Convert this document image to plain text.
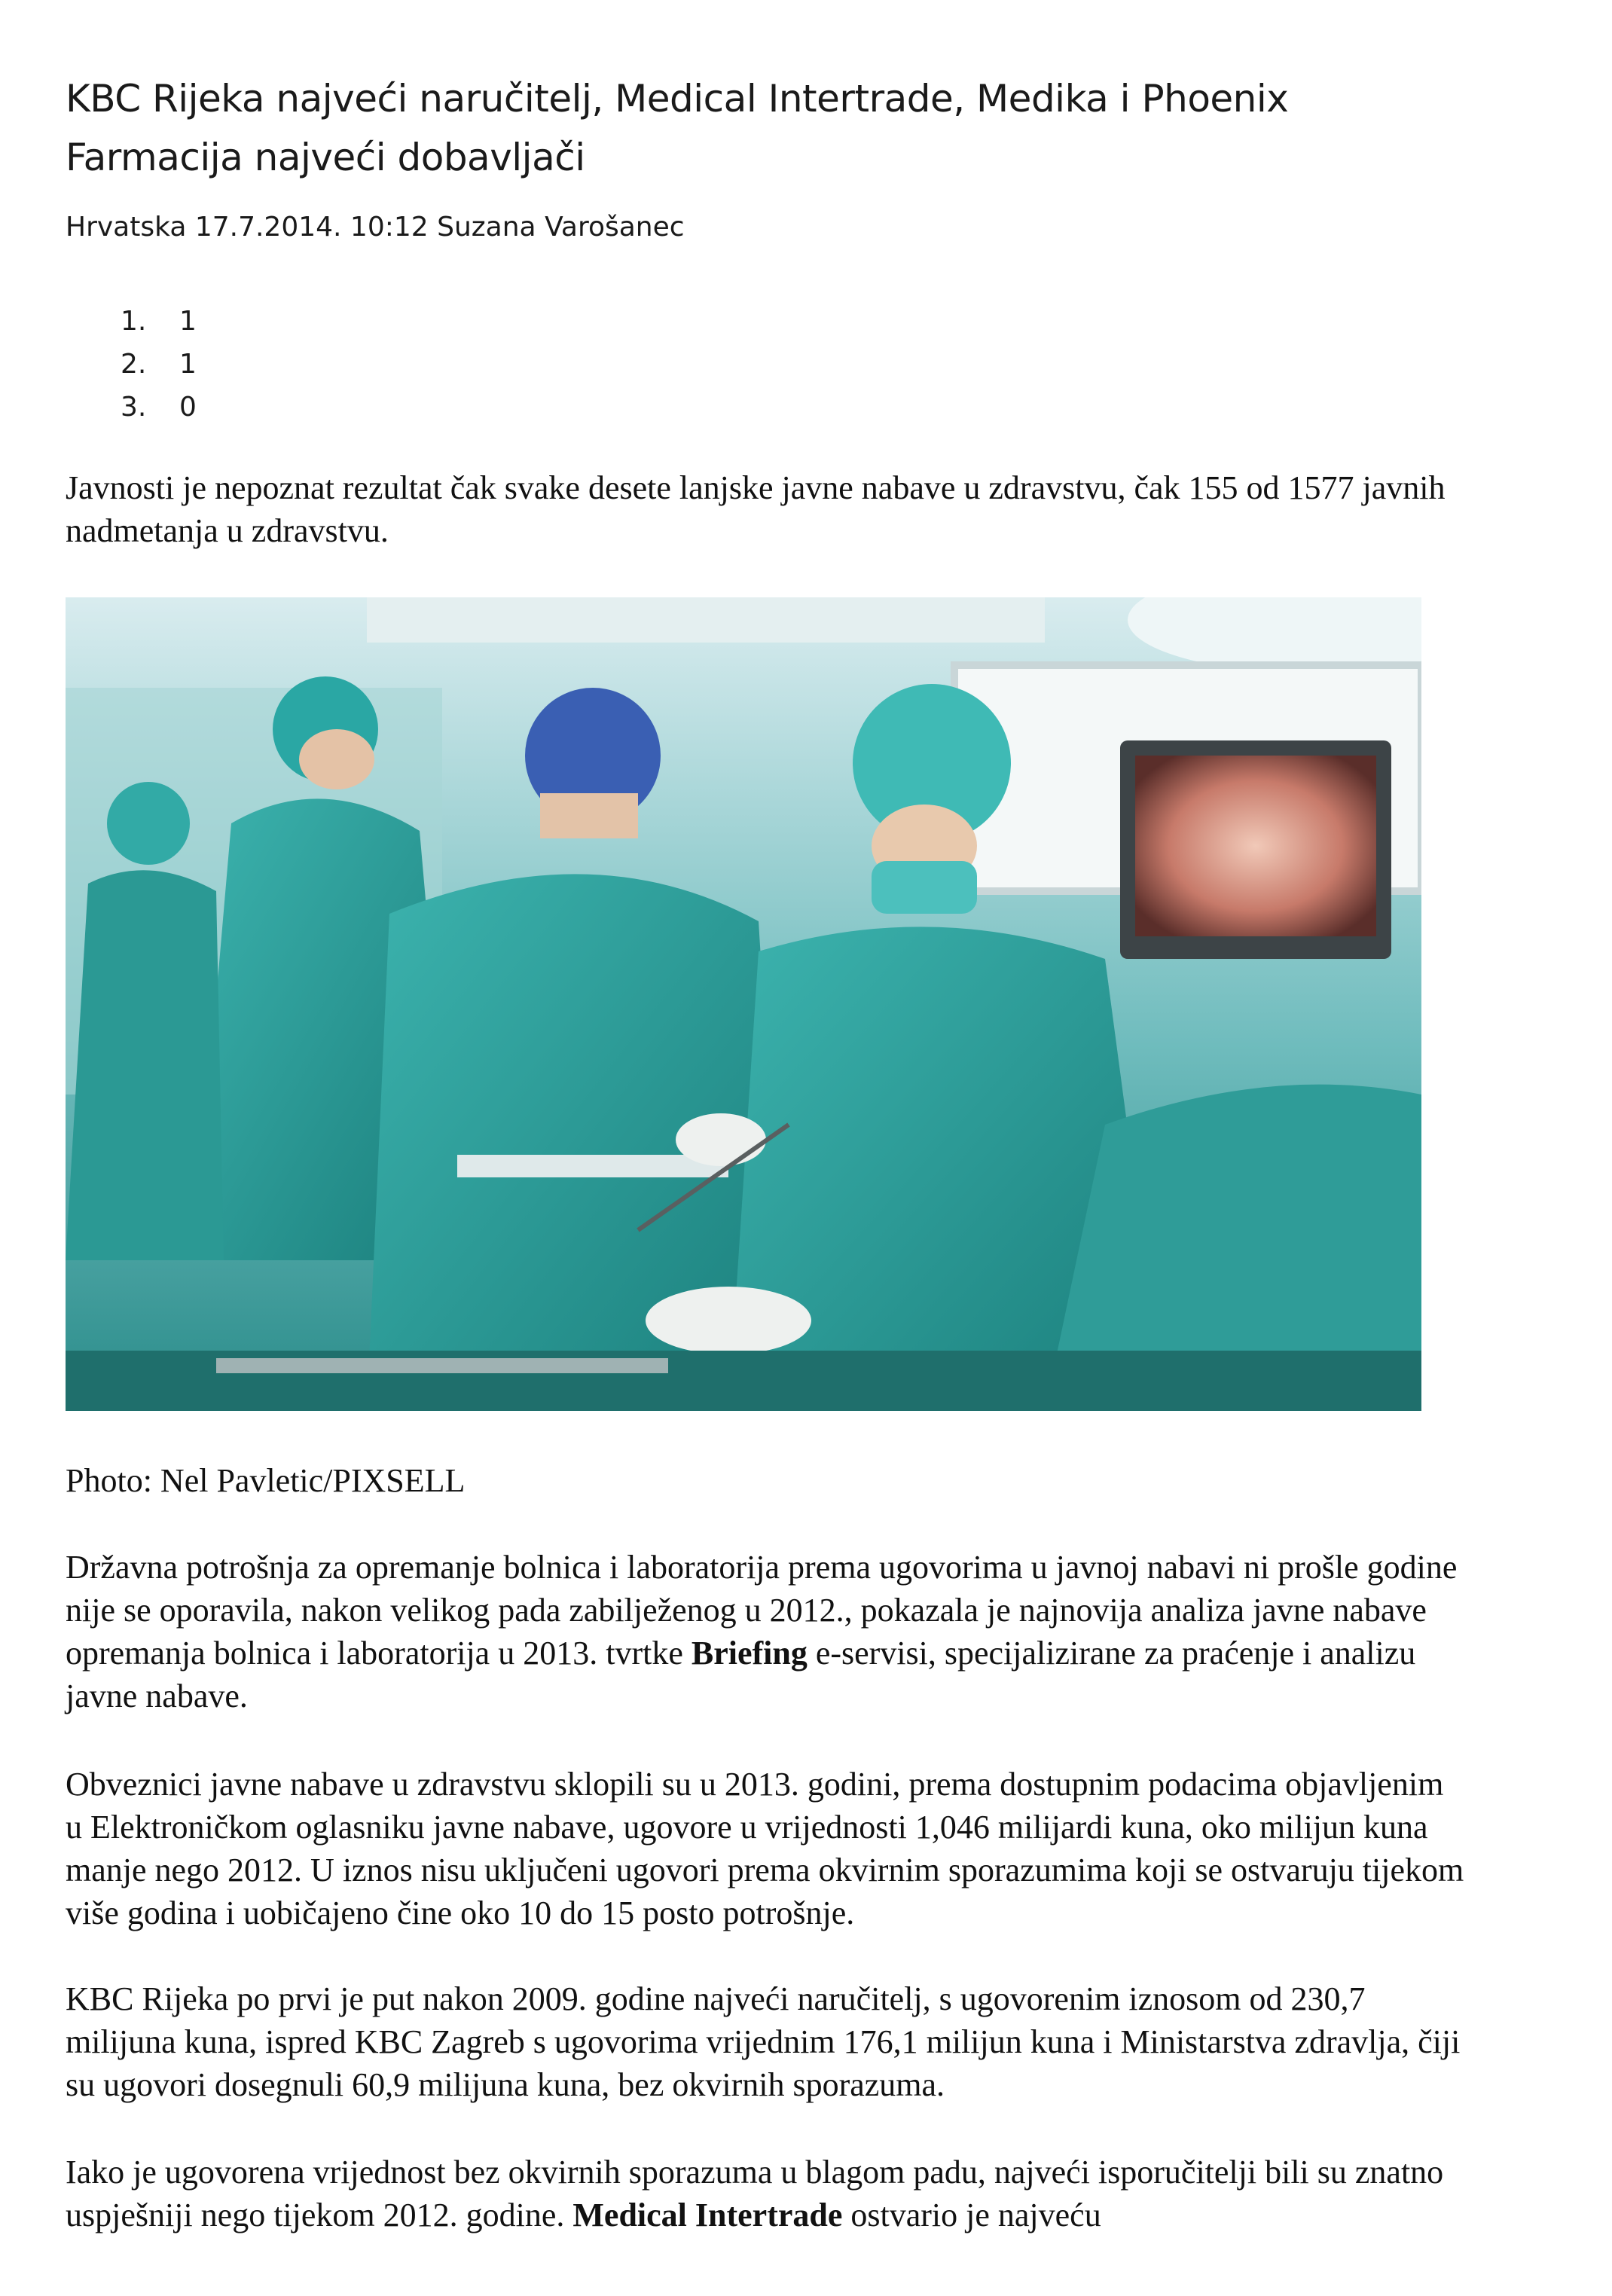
KBC Rijeka najveći naručitelj, Medical Intertrade, Medika i Phoenix
Farmacija najveći dobavljači
Hrvatska 17.7.2014. 10:12 Suzana Varošanec
1.	1
2.	1
3.	0

Javnosti je nepoznat rezultat čak svake desete lanjske javne nabave u zdravstvu, čak 155 od 1577 javnih nadmetanja u zdravstvu.

Photo: Nel Pavletic/PIXSELL

Državna potrošnja za opremanje bolnica i laboratorija prema ugovorima u javnoj nabavi ni prošle godine nije se oporavila, nakon velikog pada zabilježenog u 2012., pokazala je najnovija analiza javne nabave opremanja bolnica i laboratorija u 2013. tvrtke Briefing e-servisi, specijalizirane za praćenje i analizu javne nabave.

Obveznici javne nabave u zdravstvu sklopili su u 2013. godini, prema dostupnim podacima objavljenim u Elektroničkom oglasniku javne nabave, ugovore u vrijednosti 1,046 milijardi kuna, oko milijun kuna manje nego 2012. U iznos nisu uključeni ugovori prema okvirnim sporazumima koji se ostvaruju tijekom više godina i uobičajeno čine oko 10 do 15 posto potrošnje.

KBC Rijeka po prvi je put nakon 2009. godine najveći naručitelj, s ugovorenim iznosom od 230,7 milijuna kuna, ispred KBC Zagreb s ugovorima vrijednim 176,1 milijun kuna i Ministarstva zdravlja, čiji su ugovori dosegnuli 60,9 milijuna kuna, bez okvirnih sporazuma.

Iako je ugovorena vrijednost bez okvirnih sporazuma u blagom padu, najveći isporučitelji bili su znatno uspješniji nego tijekom 2012. godine. Medical Intertrade ostvario je najveću
